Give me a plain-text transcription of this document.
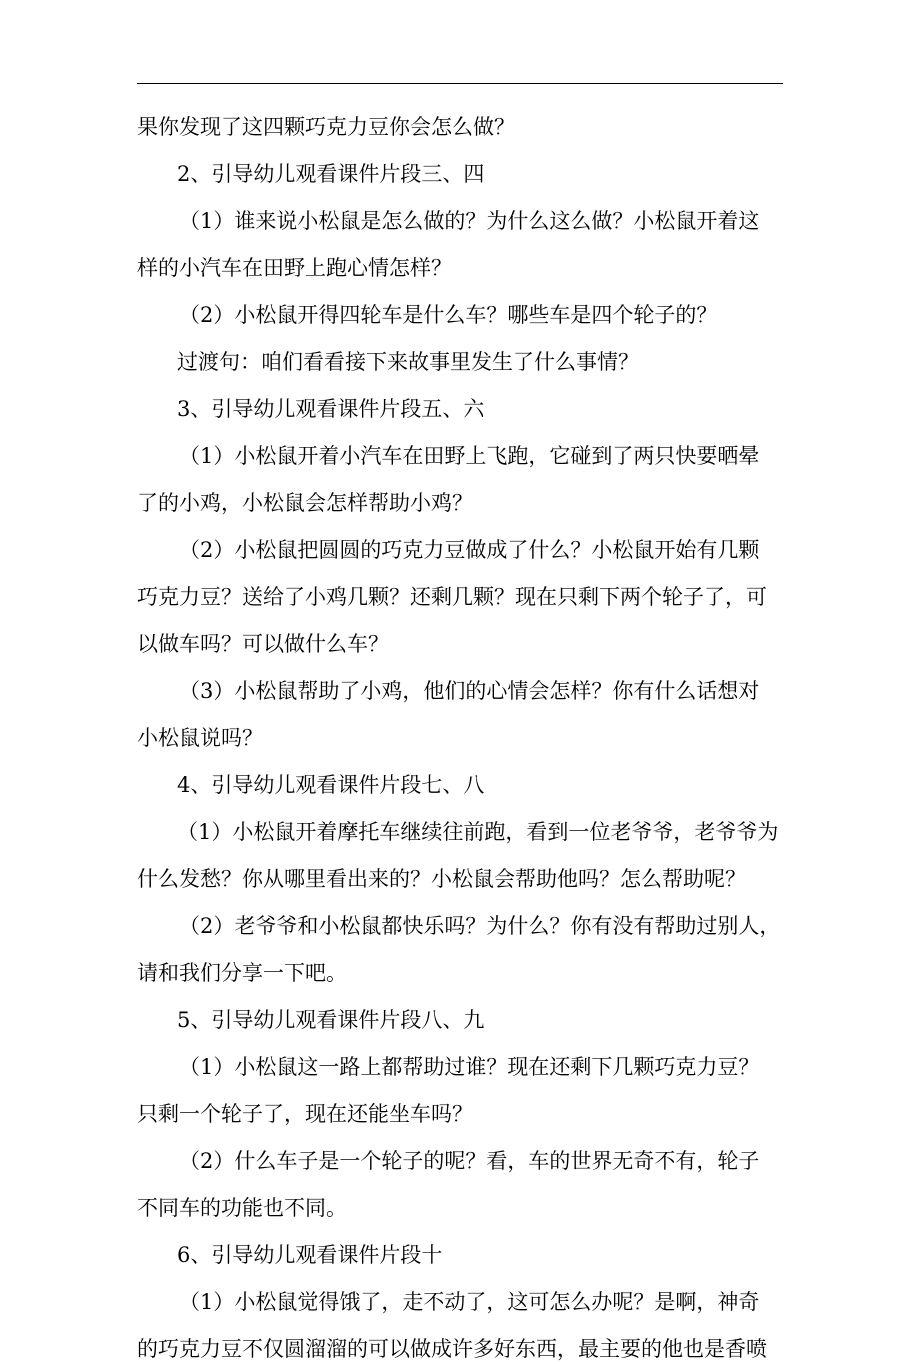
果你发现了这四颗巧克力豆你会怎么做？
2、引导幼儿观看课件片段三、四
（1）谁来说小松鼠是怎么做的？为什么这么做？小松鼠开着这
样的小汽车在田野上跑心情怎样？
（2）小松鼠开得四轮车是什么车？哪些车是四个轮子的？
过渡句：咱们看看接下来故事里发生了什么事情？
3、引导幼儿观看课件片段五、六
（1）小松鼠开着小汽车在田野上飞跑，它碰到了两只快要晒晕
了的小鸡，小松鼠会怎样帮助小鸡？
（2）小松鼠把圆圆的巧克力豆做成了什么？小松鼠开始有几颗
巧克力豆？送给了小鸡几颗？还剩几颗？现在只剩下两个轮子了，可
以做车吗？可以做什么车？
（3）小松鼠帮助了小鸡，他们的心情会怎样？你有什么话想对
小松鼠说吗？
4、引导幼儿观看课件片段七、八
（1）小松鼠开着摩托车继续往前跑，看到一位老爷爷，老爷爷为
什么发愁？你从哪里看出来的？小松鼠会帮助他吗？怎么帮助呢？
（2）老爷爷和小松鼠都快乐吗？为什么？你有没有帮助过别人，
请和我们分享一下吧。
5、引导幼儿观看课件片段八、九
（1）小松鼠这一路上都帮助过谁？现在还剩下几颗巧克力豆？
只剩一个轮子了，现在还能坐车吗？
（2）什么车子是一个轮子的呢？看，车的世界无奇不有，轮子
不同车的功能也不同。
6、引导幼儿观看课件片段十
（1）小松鼠觉得饿了，走不动了，这可怎么办呢？是啊，神奇
的巧克力豆不仅圆溜溜的可以做成许多好东西，最主要的他也是香喷
